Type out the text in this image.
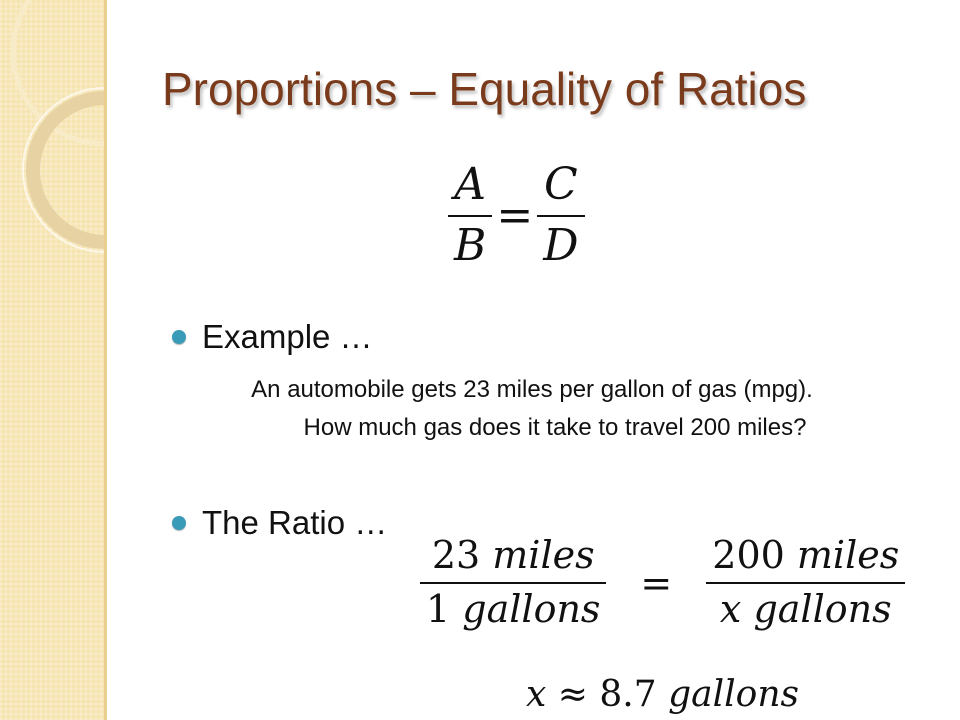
Proportions – Equality of Ratios
$\frac{A}{B} = \frac{C}{D}$
Example …
An automobile gets 23 miles per gallon of gas (mpg).
How much gas does it take to travel 200 miles?
The Ratio …
$\frac{\text{23 miles}}{\text{1 gallons}} = \frac{\text{200 miles}}{\text{x gallons}}$
x ≈ 8.7 gallons
